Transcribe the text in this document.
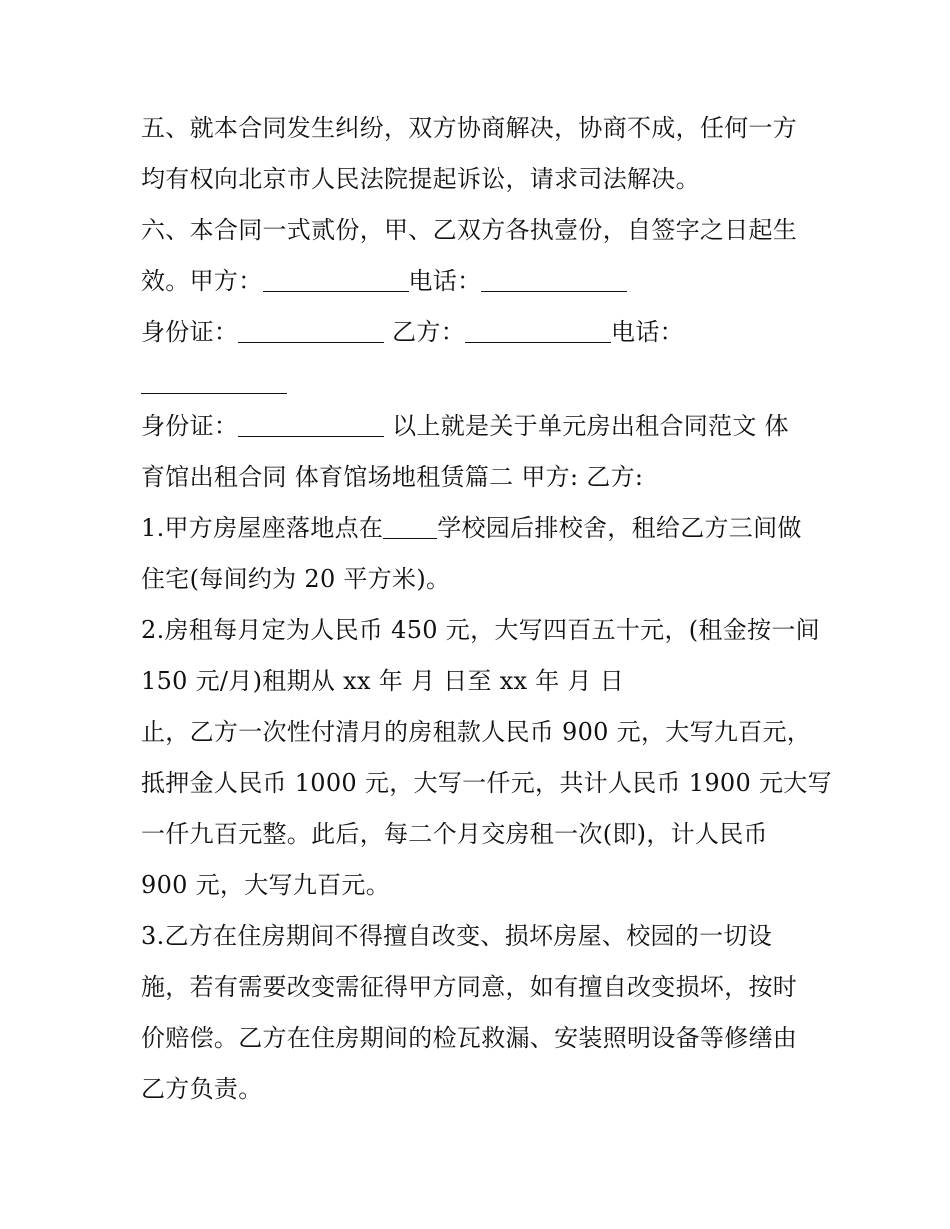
五、就本合同发生纠纷，双方协商解决，协商不成，任何一方
均有权向北京市人民法院提起诉讼，请求司法解决。
六、本合同一式贰份，甲、乙双方各执壹份，自签字之日起生
效。甲方：	电话：
身份证：	乙方：	电话：
身份证：	以上就是关于单元房出租合同范文 体
育馆出租合同 体育馆场地租赁篇二 甲方: 乙方:
1.甲方房屋座落地点在 学校园后排校舍，租给乙方三间做
住宅(每间约为 20 平方米)。
2.房租每月定为人民币 450 元，大写四百五十元，(租金按一间
150 元/月)租期从 xx 年 月 日至 xx 年 月 日
止，乙方一次性付清月的房租款人民币 900 元，大写九百元，
抵押金人民币 1000 元，大写一仟元，共计人民币 1900 元大写
一仟九百元整。此后，每二个月交房租一次(即)，计人民币
900 元，大写九百元。
3.乙方在住房期间不得擅自改变、损坏房屋、校园的一切设
施，若有需要改变需征得甲方同意，如有擅自改变损坏，按时
价赔偿。乙方在住房期间的检瓦救漏、安装照明设备等修缮由
乙方负责。
